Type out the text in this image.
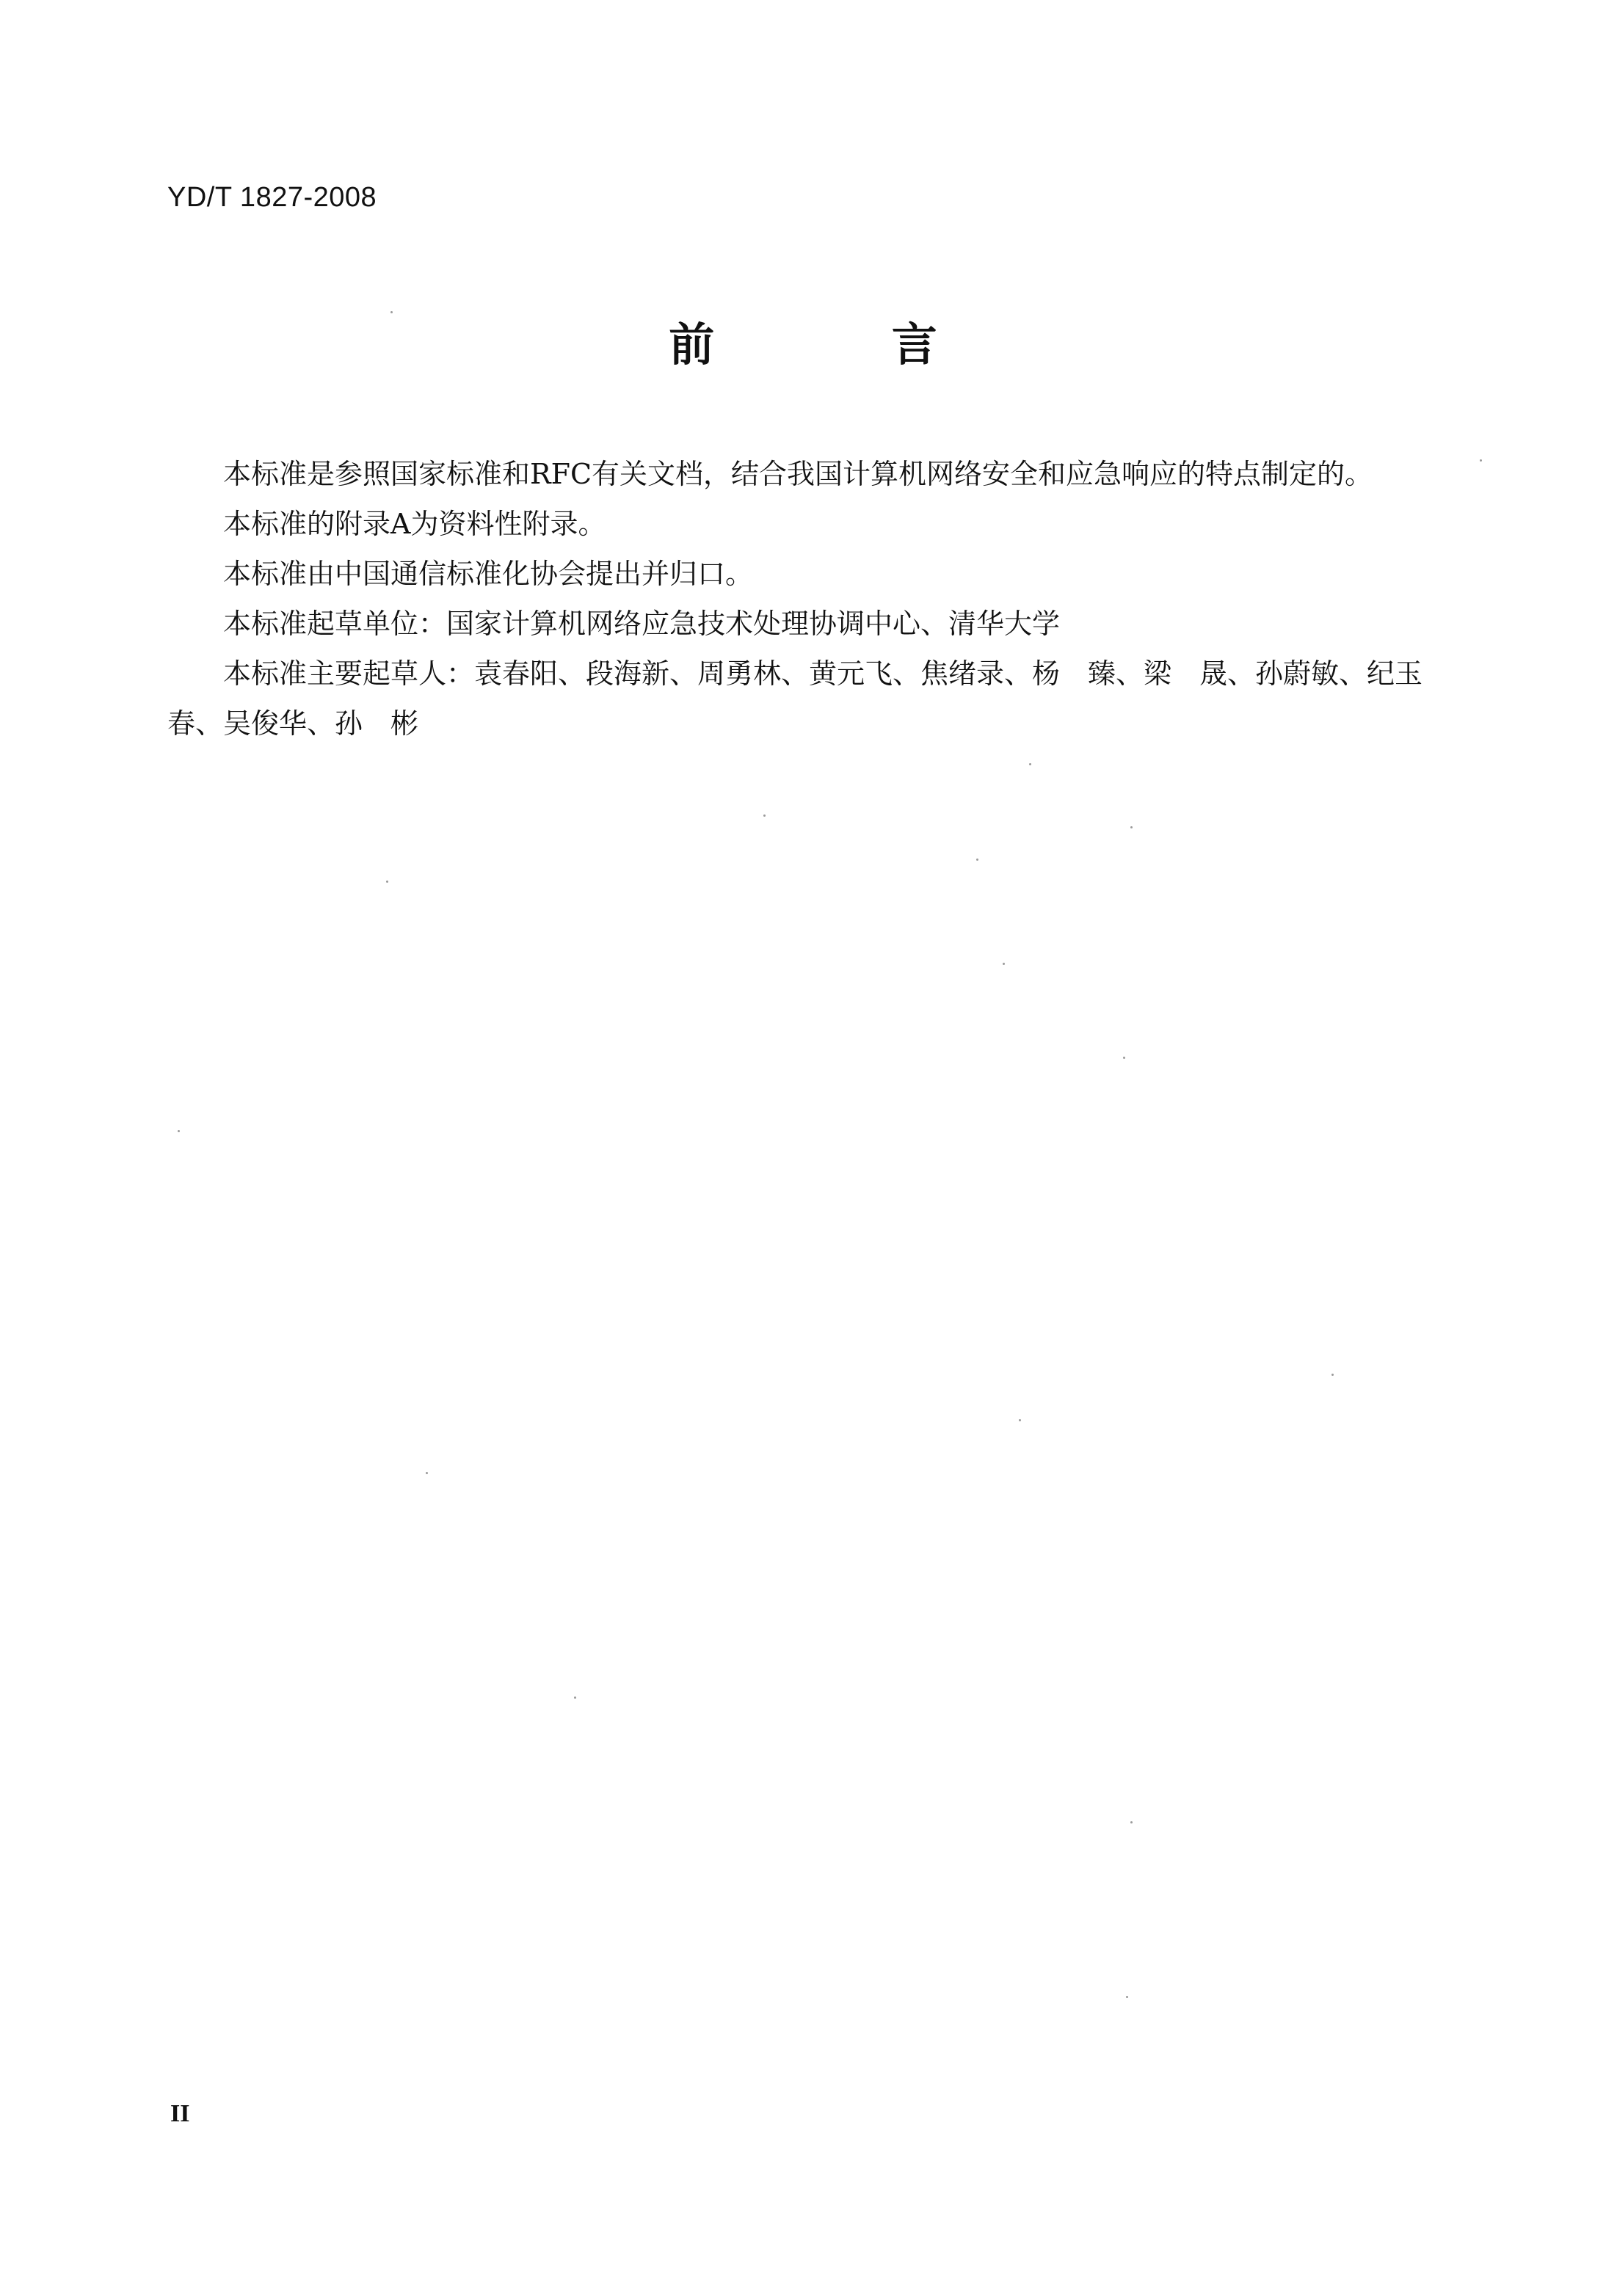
YD/T 1827-2008
前 言

本标准是参照国家标准和RFC有关文档，结合我国计算机网络安全和应急响应的特点制定的。

本标准的附录A为资料性附录。

本标准由中国通信标准化协会提出并归口。

本标准起草单位：国家计算机网络应急技术处理协调中心、清华大学

本标准主要起草人：袁春阳、段海新、周勇林、黄元飞、焦绪录、杨　臻、梁　晟、孙蔚敏、纪玉春、吴俊华、孙　彬

II
